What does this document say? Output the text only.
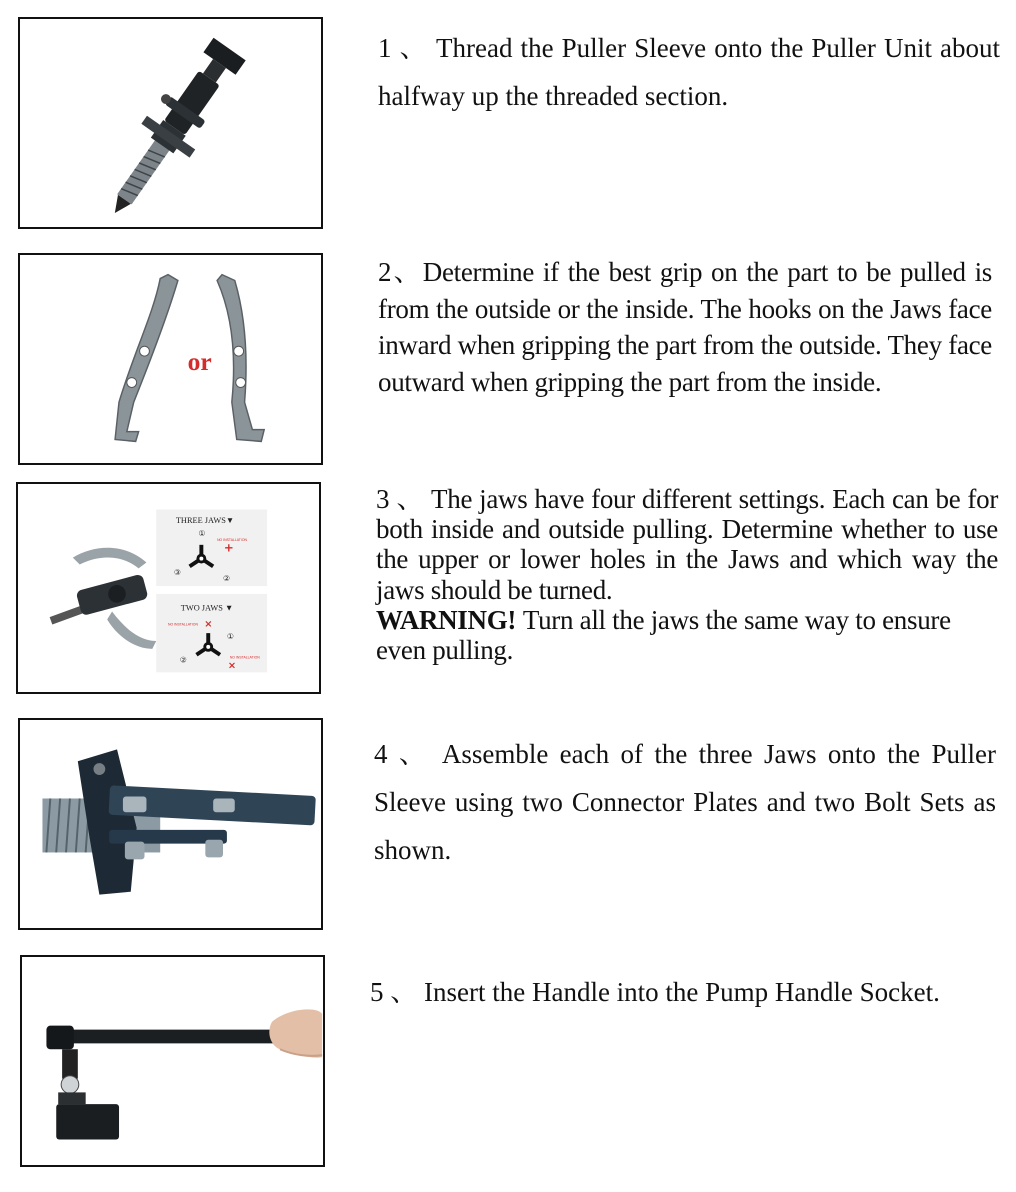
1 、 Thread the Puller Sleeve onto the Puller Unit about halfway up the threaded section.

or

2、Determine if the best grip on the part to be pulled is from the outside or the inside. The hooks on the Jaws face inward when gripping the part from the outside. They face outward when gripping the part from the inside.

THREE JAWS▼
①
NO INSTALLATION
+
③
②
TWO JAWS ▼
NO INSTALLATION ×
①
②	NO INSTALLATION
×

3 、 The jaws have four different settings. Each can be for both inside and outside pulling. Determine whether to use the upper or lower holes in the Jaws and which way the jaws should be turned.

WARNING! Turn all the jaws the same way to ensure even pulling.

4 、 Assemble each of the three Jaws onto the Puller Sleeve using two Connector Plates and two Bolt Sets as shown.

5 、 Insert the Handle into the Pump Handle Socket.
